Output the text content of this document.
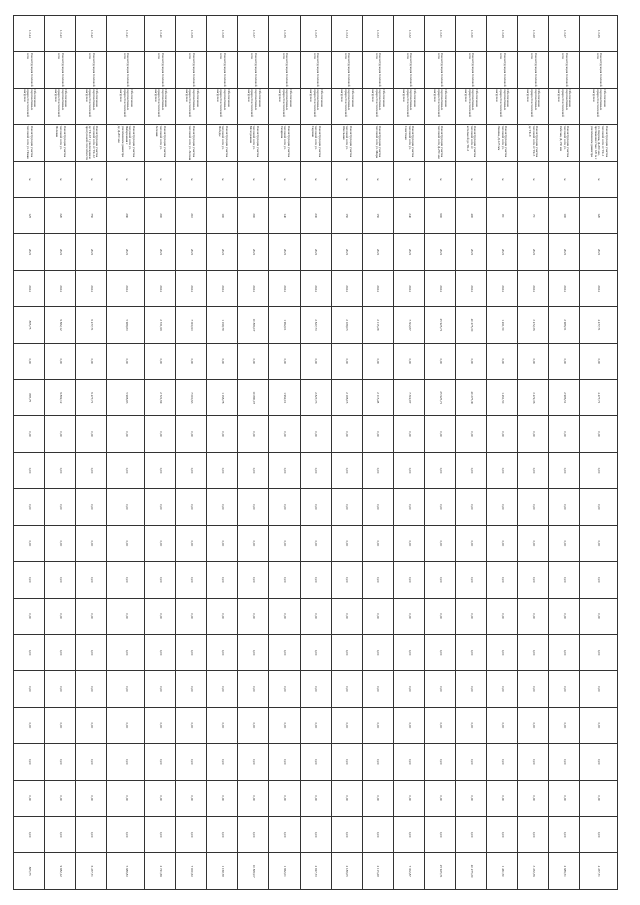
1.3.26	Реконструкция тепловой сети	Обеспечение перспективных приростов тепловой нагрузки	Реконструкция участка тепловой сети от ТК-1 ул. Кирова, Д-200 мм, протяженностью 120 м с увеличением диаметра	м	120	2021	2024	4 477,71	0,00	4 477,71	0,00	0,00	0,00	0,00	0,00	0,00	0,00	0,00	0,00	0,00	0,00	0,00	4 477,71
1.3.27	Реконструкция тепловой сети	Обеспечение перспективных приростов тепловой нагрузки	Реконструкция участка тепловой сети ул. Рабочая, Д-150 мм	м	100	2021	2024	2 986,51	0,00	2 986,51	0,00	0,00	0,00	0,00	0,00	0,00	0,00	0,00	0,00	0,00	0,00	0,00	2 986,51
1.3.28	Реконструкция тепловой сети	Обеспечение перспективных приростов тепловой нагрузки	Реконструкция участка тепловой сети от ТК-5 до ТК-8	м	70	2021	2024	3 472,36	0,00	3 472,36	0,00	0,00	0,00	0,00	0,00	0,00	0,00	0,00	0,00	0,00	0,00	0,00	3 472,36
1.3.29	Реконструкция тепловой сети	Обеспечение перспективных приростов тепловой нагрузки	Реконструкция участка тепловой сети ул. Ленина, Д-125 мм	м	80	2021	2024	1 461,50	0,00	1 461,50	0,00	0,00	0,00	0,00	0,00	0,00	0,00	0,00	0,00	0,00	0,00	0,00	1 461,50
1.3.30	Реконструкция тепловой сети	Обеспечение перспективных приростов тепловой нагрузки	Реконструкция участка тепловой сети от котельной до ТК-2	м	400	2021	2024	40 275,30	0,00	40 275,30	0,00	0,00	0,00	0,00	0,00	0,00	0,00	0,00	0,00	0,00	0,00	0,00	40 275,30
1.3.31	Реконструкция тепловой сети	Обеспечение перспективных приростов тепловой нагрузки	Реконструкция участка тепловой сети Д-250 мм	м	600	2021	2024	25 925,71	0,00	25 925,71	0,00	0,00	0,00	0,00	0,00	0,00	0,00	0,00	0,00	0,00	0,00	0,00	25 925,71
1.3.32	Реконструкция тепловой сети	Обеспечение перспективных приростов тепловой нагрузки	Реконструкция участка тепловой сети ул. Советская	м	240	2021	2024	7 302,87	0,00	7 302,87	0,00	0,00	0,00	0,00	0,00	0,00	0,00	0,00	0,00	0,00	0,00	0,00	7 302,87
1.3.33	Реконструкция тепловой сети	Обеспечение перспективных приростов тепловой нагрузки	Реконструкция участка тепловой сети ул. Мира	м	150	2021	2024	2 115,28	0,00	2 115,28	0,00	0,00	0,00	0,00	0,00	0,00	0,00	0,00	0,00	0,00	0,00	0,00	2 115,28
1.3.34	Реконструкция тепловой сети	Обеспечение перспективных приростов тепловой нагрузки	Реконструкция участка тепловой сети ул. Школьная	м	150	2021	2024	2 188,05	0,00	2 188,05	0,00	0,00	0,00	0,00	0,00	0,00	0,00	0,00	0,00	0,00	0,00	0,00	2 188,05
1.3.35	Реконструкция тепловой сети	Обеспечение перспективных приростов тепловой нагрузки	Реконструкция участка тепловой сети ул. Садовая	м	230	2021	2024	2 827,73	0,00	2 827,73	0,00	0,00	0,00	0,00	0,00	0,00	0,00	0,00	0,00	0,00	0,00	0,00	2 827,73
1.3.36	Реконструкция тепловой сети	Обеспечение перспективных приростов тепловой нагрузки	Реконструкция участка тепловой сети ул. Гагарина	м	140	2021	2024	1 962,01	0,00	1 962,01	0,00	0,00	0,00	0,00	0,00	0,00	0,00	0,00	0,00	0,00	0,00	0,00	1 962,01
1.3.37	Реконструкция тепловой сети	Обеспечение перспективных приростов тепловой нагрузки	Реконструкция участка тепловой сети ул. Молодежная	м	300	2021	2024	10 880,07	0,00	10 880,07	0,00	0,00	0,00	0,00	0,00	0,00	0,00	0,00	0,00	0,00	0,00	0,00	10 880,07
1.3.38	Реконструкция тепловой сети	Обеспечение перспективных приростов тепловой нагрузки	Реконструкция участка тепловой сети ул. Победы	м	100	2021	2024	1 168,78	0,00	1 168,78	0,00	0,00	0,00	0,00	0,00	0,00	0,00	0,00	0,00	0,00	0,00	0,00	1 168,78
1.3.39	Реконструкция тепловой сети	Обеспечение перспективных приростов тепловой нагрузки	Реконструкция участка тепловой сети ул. Лесная	м	210	2021	2024	7 000,63	0,00	7 000,63	0,00	0,00	0,00	0,00	0,00	0,00	0,00	0,00	0,00	0,00	0,00	0,00	7 000,63
1.3.40	Реконструкция тепловой сети	Обеспечение перспективных приростов тепловой нагрузки	Реконструкция участка тепловой сети ул. Зеленая	м	200	2021	2024	2 721,69	0,00	2 721,69	0,00	0,00	0,00	0,00	0,00	0,00	0,00	0,00	0,00	0,00	0,00	0,00	2 721,69
1.3.41	Реконструкция тепловой сети	Обеспечение перспективных приростов тепловой нагрузки	Реконструкция участка тепловой сети ул. Набережная с увеличением диаметра до Д-200 мм	м	290	2021	2024	5 988,83	0,00	5 988,83	0,00	0,00	0,00	0,00	0,00	0,00	0,00	0,00	0,00	0,00	0,00	0,00	5 988,83
1.3.42	Реконструкция тепловой сети	Обеспечение перспективных приростов тепловой нагрузки	Реконструкция участка тепловой сети от ТК-12 до ТК-18 с увеличением пропускной способности	м	750	2021	2024	6 477,71	0,00	6 477,71	0,00	0,00	0,00	0,00	0,00	0,00	0,00	0,00	0,00	0,00	0,00	0,00	6 477,71
1.3.43	Реконструкция тепловой сети	Обеспечение перспективных приростов тепловой нагрузки	Реконструкция участка тепловой сети ул. Полевая	м	320	2021	2024	9 882,12	0,00	9 882,12	0,00	0,00	0,00	0,00	0,00	0,00	0,00	0,00	0,00	0,00	0,00	0,00	9 882,12
1.3.44	Реконструкция тепловой сети	Обеспечение перспективных приростов тепловой нагрузки	Реконструкция участка тепловой сети ул. Новая	м	125	2021	2024	885,75	0,00	885,75	0,00	0,00	0,00	0,00	0,00	0,00	0,00	0,00	0,00	0,00	0,00	0,00	885,75
